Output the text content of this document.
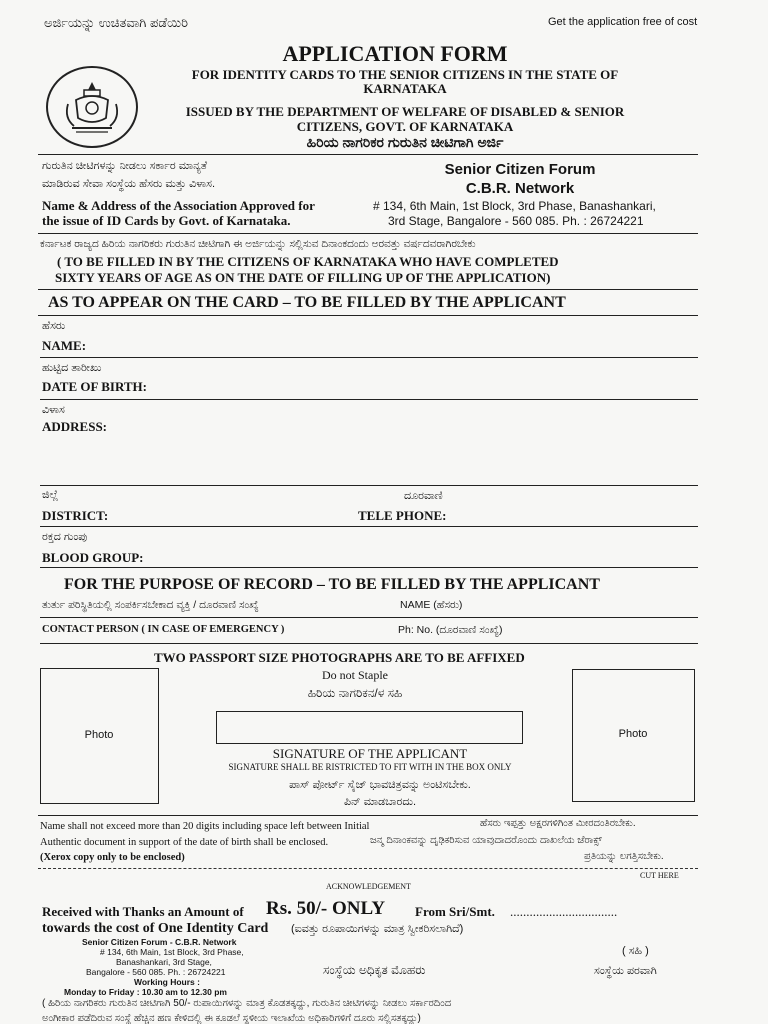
ಅರ್ಜಿಯನ್ನು ಉಚಿತವಾಗಿ ಪಡೆಯಿರಿ	Get the application free of cost
APPLICATION FORM
FOR IDENTITY CARDS TO THE SENIOR CITIZENS IN THE STATE OF
KARNATAKA
ISSUED BY THE DEPARTMENT OF WELFARE OF DISABLED & SENIOR
CITIZENS, GOVT. OF KARNATAKA
ಹಿರಿಯ ನಾಗರಿಕರ ಗುರುತಿನ ಚೀಟಿಗಾಗಿ ಅರ್ಜಿ
ಗುರುತಿನ ಚೀಟಿಗಳನ್ನು ನೀಡಲು ಸರ್ಕಾರ ಮಾನ್ಯತೆ
ಮಾಡಿರುವ ಸೇವಾ ಸಂಸ್ಥೆಯ ಹೆಸರು ಮತ್ತು ವಿಳಾಸ.
Name & Address of the Association Approved for
the issue of ID Cards by Govt. of Karnataka.
Senior Citizen Forum
C.B.R. Network
# 134, 6th Main, 1st Block, 3rd Phase, Banashankari,
3rd Stage, Bangalore - 560 085. Ph. : 26724221
ಕರ್ನಾಟಕ ರಾಜ್ಯದ ಹಿರಿಯ ನಾಗರಿಕರು ಗುರುತಿನ ಚೀಟಿಗಾಗಿ ಈ ಅರ್ಜಿಯನ್ನು ಸಲ್ಲಿಸುವ ದಿನಾಂಕದಂದು ಅರವತ್ತು ವರ್ಷದವರಾಗಿರಬೇಕು
( TO BE FILLED IN BY THE CITIZENS OF KARNATAKA WHO HAVE COMPLETED
SIXTY YEARS OF AGE AS ON THE DATE OF FILLING UP OF THE APPLICATION)
AS TO APPEAR ON THE CARD – TO BE FILLED BY THE APPLICANT
ಹೆಸರು
NAME:
ಹುಟ್ಟಿದ ತಾರೀಖು
DATE OF BIRTH:
ವಿಳಾಸ
ADDRESS:
ಜಿಲ್ಲೆ
DISTRICT:
ದೂರವಾಣಿ
TELE PHONE:
ರಕ್ತದ ಗುಂಪು
BLOOD GROUP:
FOR THE PURPOSE OF RECORD – TO BE FILLED BY THE APPLICANT
ತುರ್ತು ಪರಿಸ್ಥಿತಿಯಲ್ಲಿ ಸಂಪರ್ಕಿಸಬೇಕಾದ ವ್ಯಕ್ತಿ / ದೂರವಾಣಿ ಸಂಖ್ಯೆ	NAME (ಹೆಸರು)
CONTACT PERSON ( IN CASE OF EMERGENCY )	Ph: No. (ದೂರವಾಣಿ ಸಂಖ್ಯೆ)
TWO PASSPORT SIZE PHOTOGRAPHS ARE TO BE AFFIXED
Do not Staple
ಹಿರಿಯ ನಾಗರಿಕನ/ಳ ಸಹಿ
Photo	Photo
SIGNATURE OF THE APPLICANT
SIGNATURE SHALL BE RISTRICTED TO FIT WITH IN THE BOX ONLY
ಪಾಸ್ ಪೋರ್ಟ್ ಸೈಜ್ ಭಾವಚಿತ್ರವನ್ನು ಅಂಟಿಸಬೇಕು.
ಪಿನ್ ಮಾಡಬಾರದು.
Name shall not exceed more than 20 digits including space left between Initial
Authentic document in support of the date of birth shall be enclosed.
(Xerox copy only to be enclosed)
ಹೆಸರು ಇಪ್ಪತ್ತು ಅಕ್ಷರಗಳಿಗಿಂತ ಮೀರದಂತಿರಬೇಕು.
ಜನ್ಮ ದಿನಾಂಕವನ್ನು ದೃಢಿಕರಿಸುವ ಯಾವುದಾದರೊಂದು ದಾಖಲೆಯ ಜೆರಾಕ್ಸ್
ಪ್ರತಿಯನ್ನು ಲಗತ್ತಿಸಬೇಕು.
CUT HERE
ACKNOWLEDGEMENT
Received with Thanks an Amount of Rs. 50/- ONLY From Sri/Smt. .................................
towards the cost of One Identity Card (ಐವತ್ತು ರೂಪಾಯಿಗಳನ್ನು ಮಾತ್ರ ಸ್ವೀಕರಿಸಲಾಗಿದೆ)
Senior Citizen Forum - C.B.R. Network
# 134, 6th Main, 1st Block, 3rd Phase,
Banashankari, 3rd Stage,
Bangalore - 560 085. Ph. : 26724221
Working Hours :
Monday to Friday : 10.30 am to 12.30 pm
ಸಂಸ್ಥೆಯ ಅಧಿಕೃತ ಮೊಹರು
( ಸಹಿ )
ಸಂಸ್ಥೆಯ ಪರವಾಗಿ
( ಹಿರಿಯ ನಾಗರಿಕರು ಗುರುತಿನ ಚೀಟಿಗಾಗಿ 50/- ರುಪಾಯಿಗಳನ್ನು ಮಾತ್ರ ಕೊಡತಕ್ಕದ್ದು, ಗುರುತಿನ ಚೀಟಿಗಳನ್ನು ನೀಡಲು ಸರ್ಕಾರದಿಂದ
ಅಂಗೀಕಾರ ಪಡೆದಿರುವ ಸಂಸ್ಥೆ ಹೆಚ್ಚಿನ ಹಣ ಕೇಳಿದಲ್ಲಿ ಈ ಕೂಡಲೆ ಸ್ಥಳೀಯ ಇಲಾಖೆಯ ಅಧಿಕಾರಿಗಳಿಗೆ ದೂರು ಸಲ್ಲಿಸತಕ್ಕದ್ದು)
